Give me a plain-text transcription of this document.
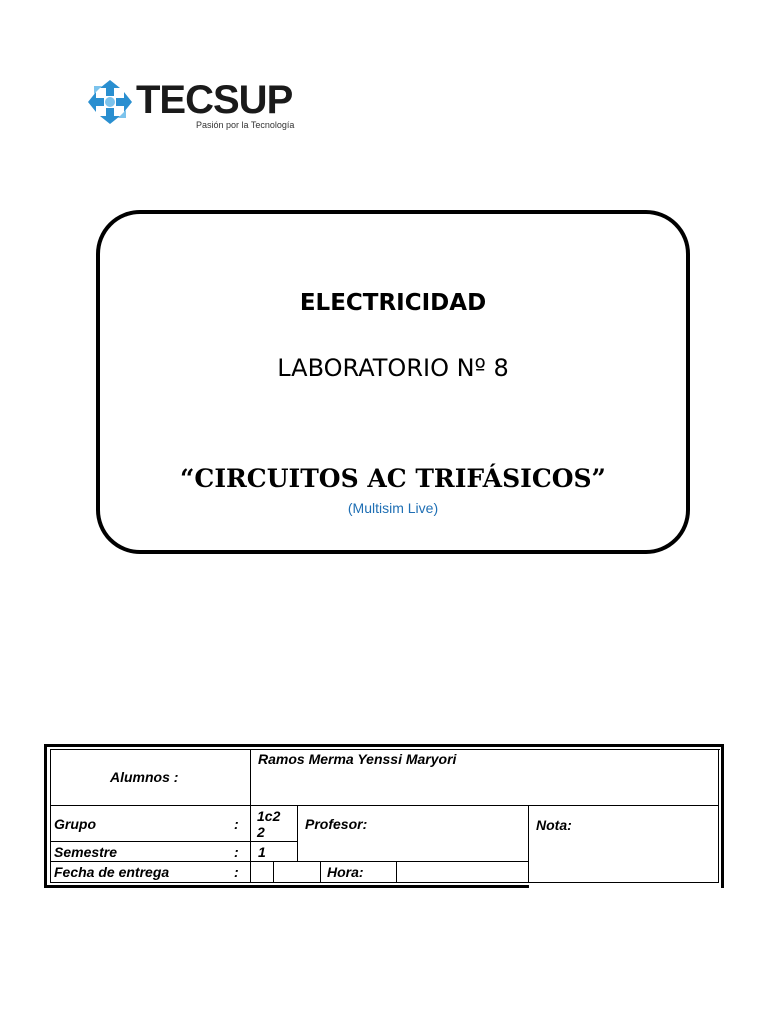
TECSUP
Pasión por la Tecnología
ELECTRICIDAD
LABORATORIO Nº 8
“CIRCUITOS AC TRIFÁSICOS”
(Multisim Live)
Alumnos :
Ramos Merma Yenssi Maryori
Grupo	: 1c2 2	Profesor:	Nota:
Semestre	: 1
Fecha de entrega	:	Hora:
